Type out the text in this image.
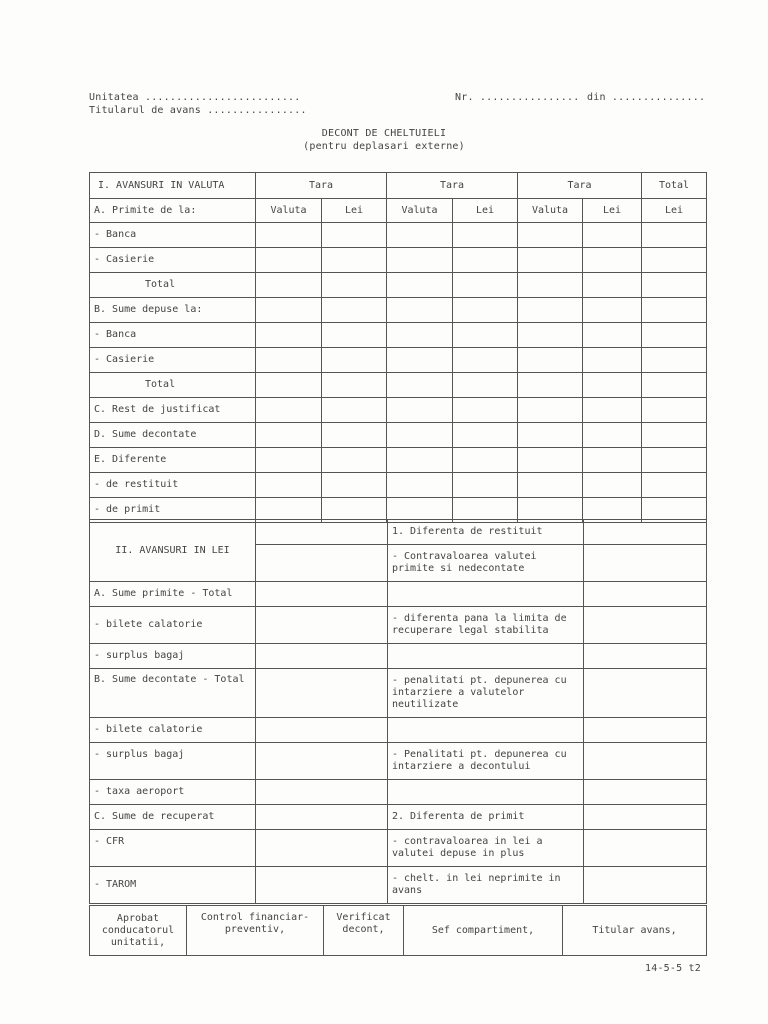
Unitatea .........................
Titularul de avans ................
Nr. ................ din ...............
DECONT DE CHELTUIELI
(pentru deplasari externe)
I. AVANSURI IN VALUTA	Tara		Tara		Tara		Total
A. Primite de la:	Valuta	Lei	Valuta	Lei	Valuta	Lei	Lei
- Banca							
- Casierie							
Total							
B. Sume depuse la:							
- Banca							
- Casierie							
Total							
C. Rest de justificat							
D. Sume decontate							
E. Diferente							
- de restituit							
- de primit							
II. AVANSURI IN LEI		1. Diferenta de restituit	
		- Contravaloarea valutei primite si nedecontate	
A. Sume primite - Total			
- bilete calatorie		- diferenta pana la limita de recuperare legal stabilita	
- surplus bagaj			
B. Sume decontate - Total		- penalitati pt. depunerea cu intarziere a valutelor neutilizate	
- bilete calatorie			
- surplus bagaj		- Penalitati pt. depunerea cu intarziere a decontului	
- taxa aeroport			
C. Sume de recuperat		2. Diferenta de primit	
- CFR		- contravaloarea in lei a valutei depuse in plus	
- TAROM		- chelt. in lei neprimite in avans	
Aprobat conducatorul unitatii,	Control financiar-preventiv,	Verificat decont,	Sef compartiment,	Titular avans,
14-5-5 t2
